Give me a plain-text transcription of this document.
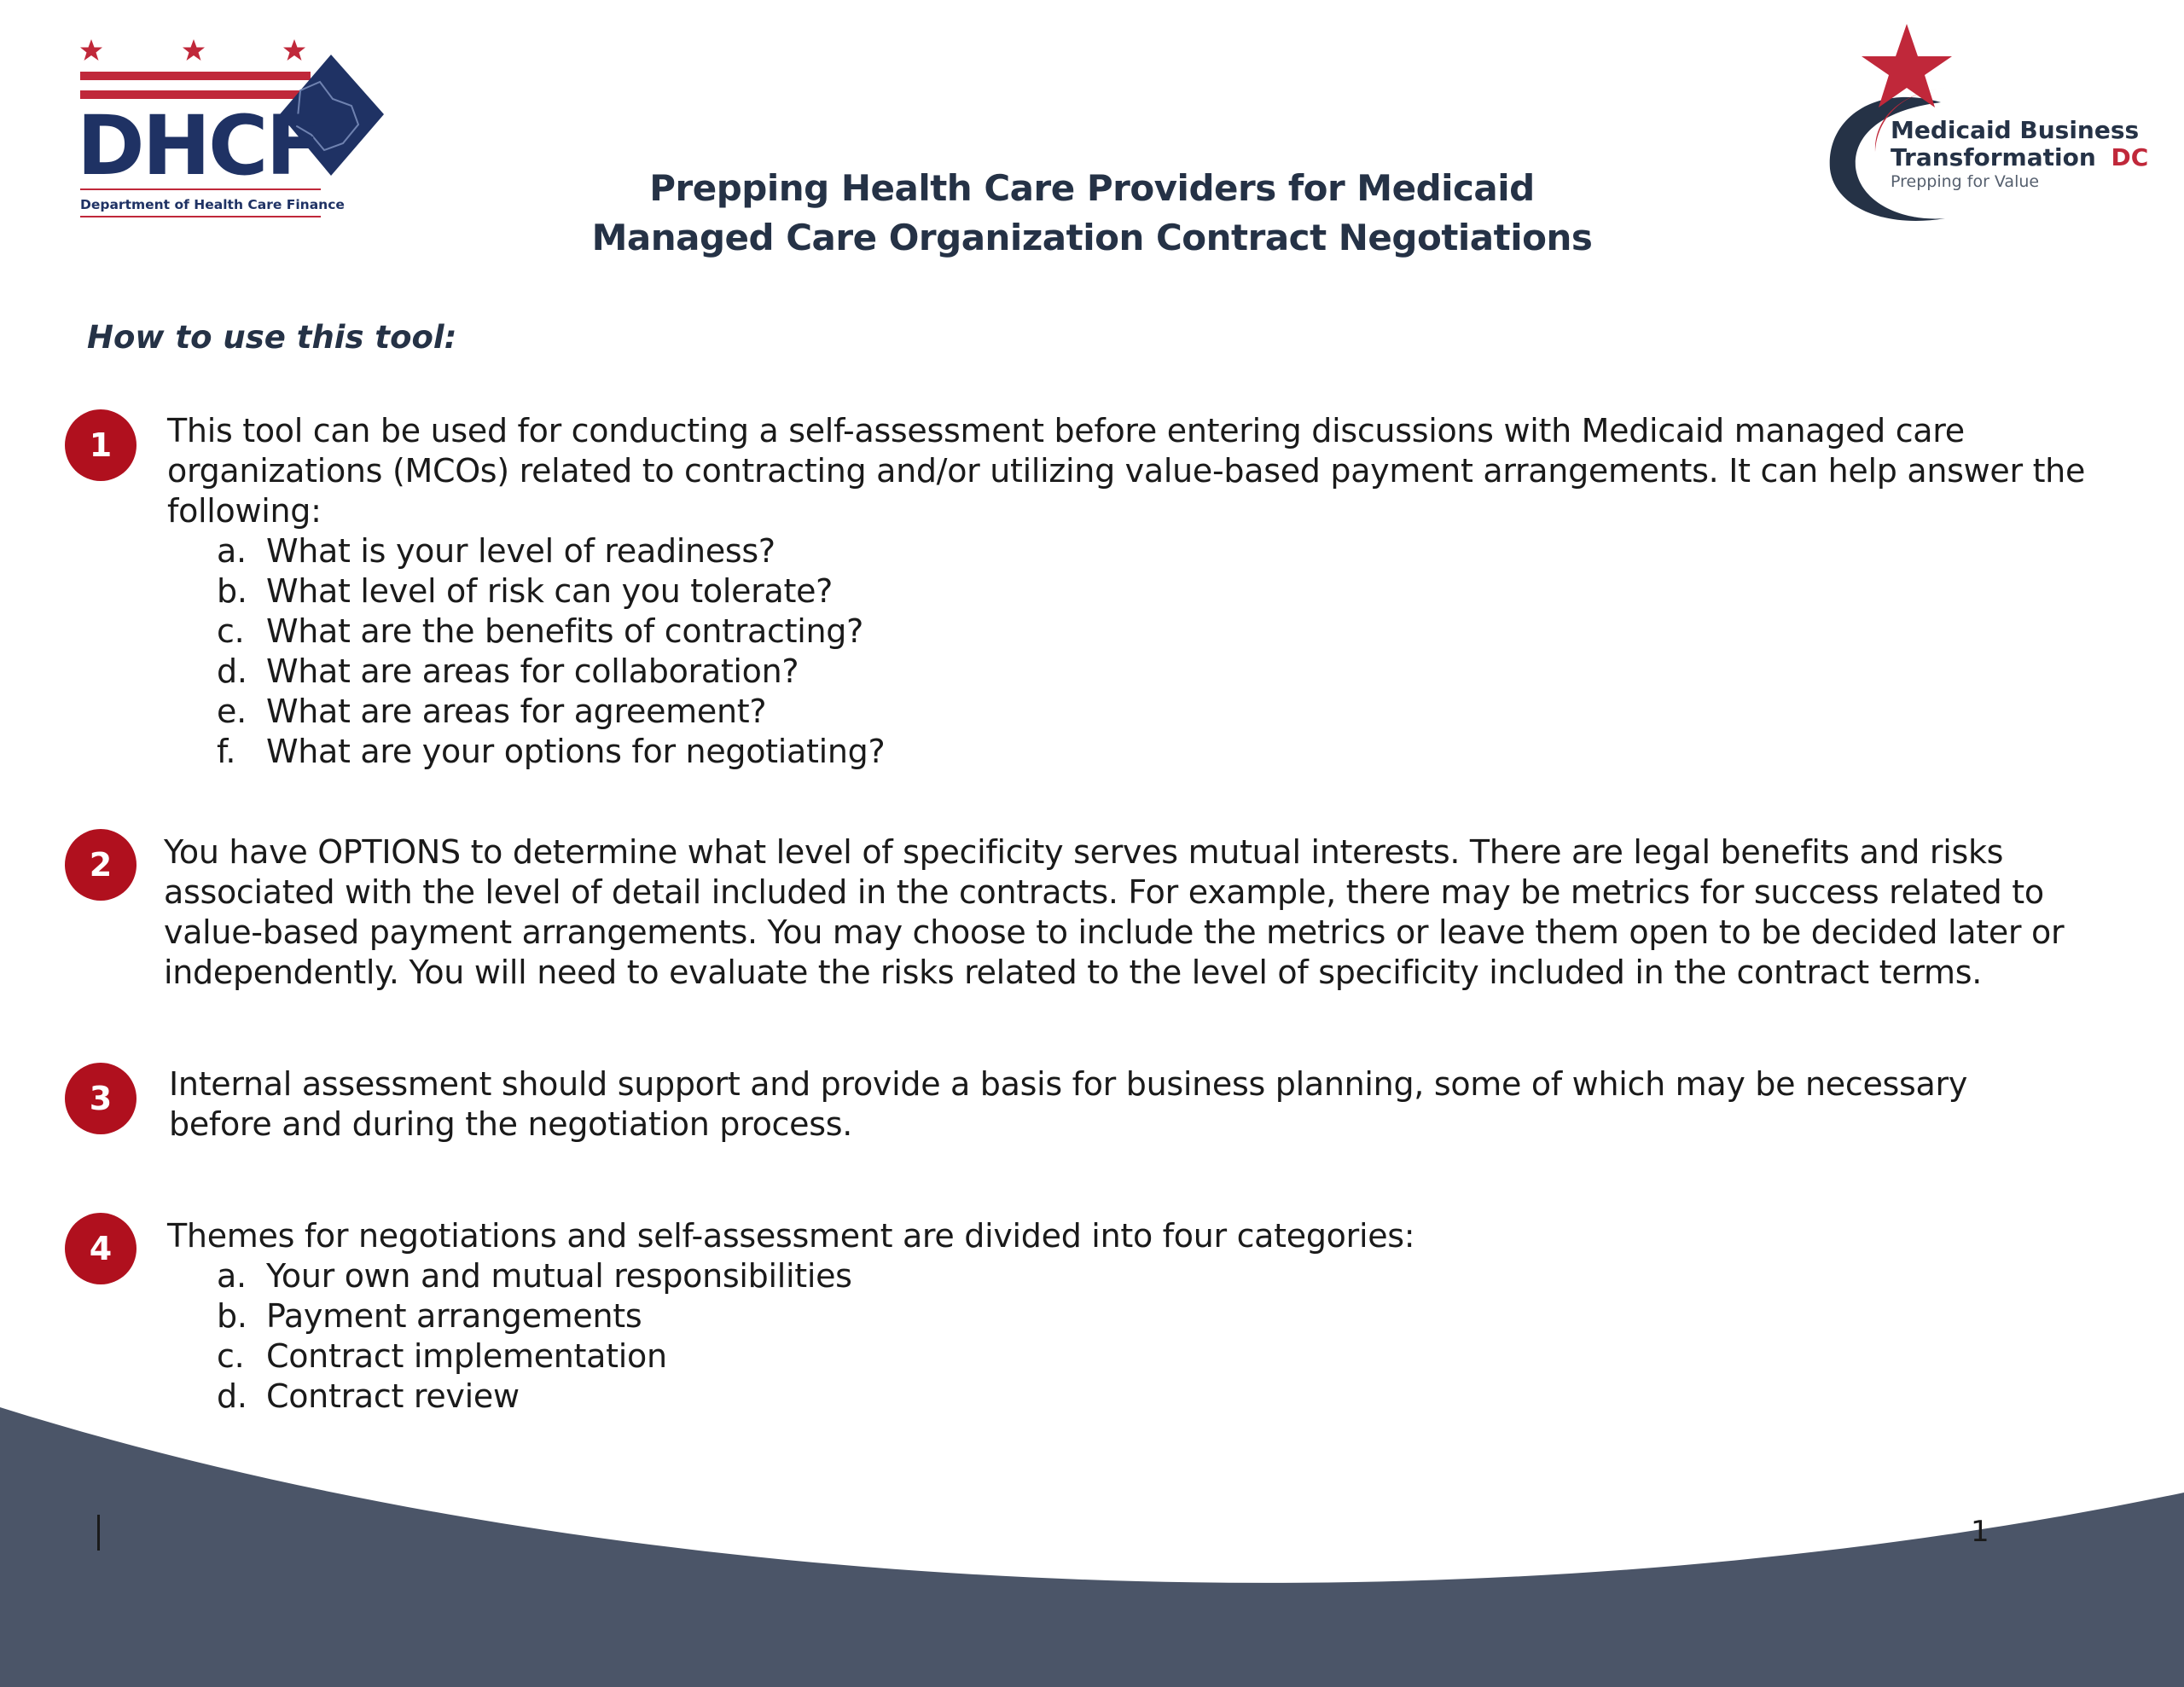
DHCF
Department of Health Care Finance
Medicaid Business
Transformation DC
Prepping for Value
Prepping Health Care Providers for Medicaid
Managed Care Organization Contract Negotiations
How to use this tool:
1	This tool can be used for conducting a self-assessment before entering discussions with Medicaid managed care organizations (MCOs) related to contracting and/or utilizing value-based payment arrangements. It can help answer the following:

a. What is your level of readiness?
b. What level of risk can you tolerate?
c. What are the benefits of contracting?
d. What are areas for collaboration?
e. What are areas for agreement?
f. What are your options for negotiating?
2	You have OPTIONS to determine what level of specificity serves mutual interests. There are legal benefits and risks associated with the level of detail included in the contracts. For example, there may be metrics for success related to value-based payment arrangements. You may choose to include the metrics or leave them open to be decided later or independently. You will need to evaluate the risks related to the level of specificity included in the contract terms.

3	Internal assessment should support and provide a basis for business planning, some of which may be necessary before and during the negotiation process.

4	Themes for negotiations and self-assessment are divided into four categories:

a. Your own and mutual responsibilities
b. Payment arrangements
c. Contract implementation
d. Contract review
1
